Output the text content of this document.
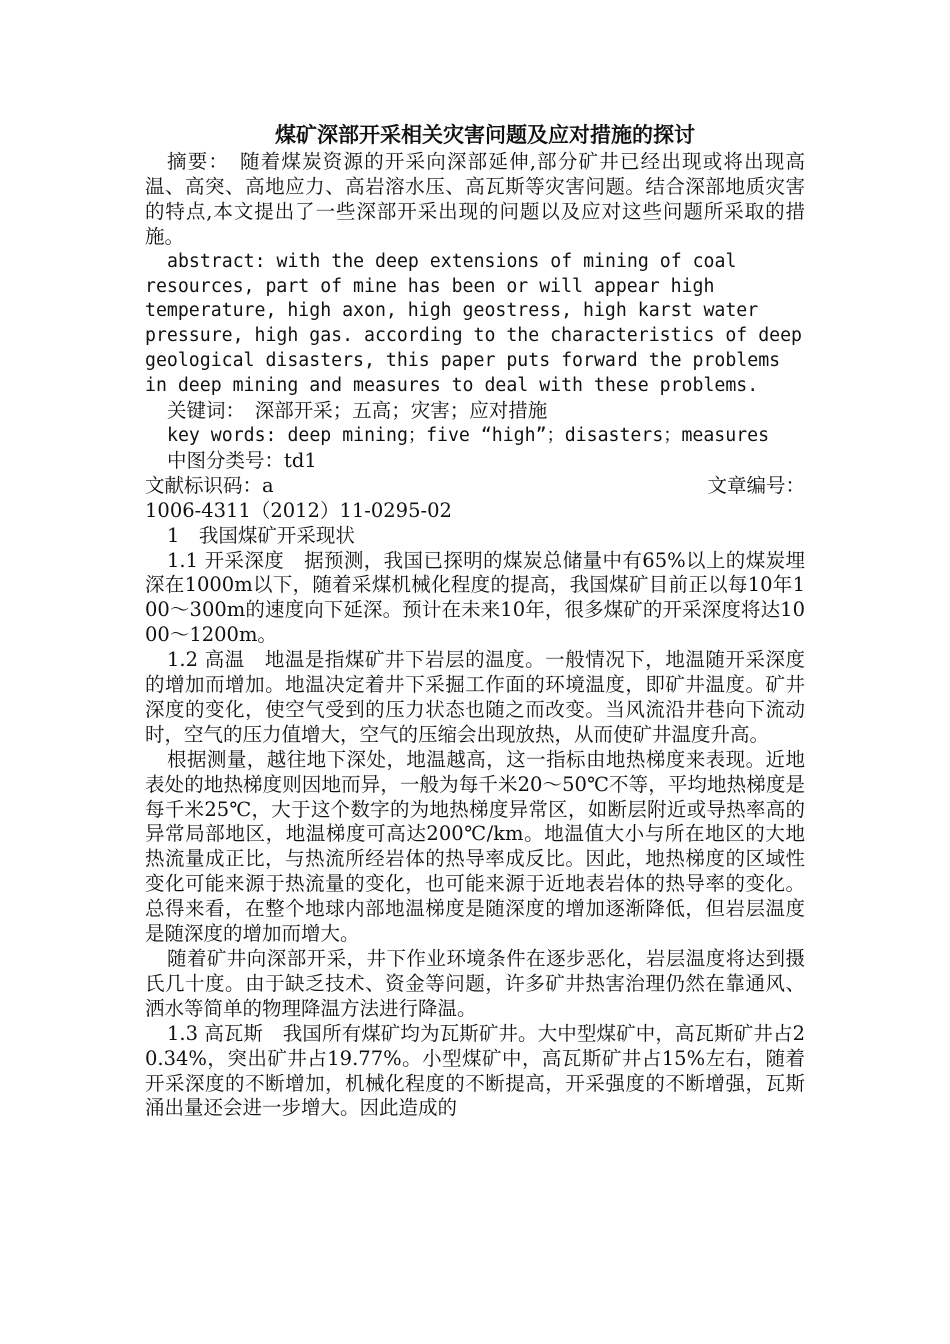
煤矿深部开采相关灾害问题及应对措施的探讨

摘要：　随着煤炭资源的开采向深部延伸,部分矿井已经出现或将出现高温、高突、高地应力、高岩溶水压、高瓦斯等灾害问题。结合深部地质灾害的特点,本文提出了一些深部开采出现的问题以及应对这些问题所采取的措施。

abstract: with the deep extensions of mining of coal resources, part of mine has been or will appear high temperature, high axon, high geostress, high karst water pressure, high gas. according to the characteristics of deep geological disasters, this paper puts forward the problems in deep mining and measures to deal with these problems.

关键词：　深部开采；五高；灾害；应对措施

key words: deep mining；five “high”；disasters；measures

中图分类号：td1

文献标识码：a	文章编号：

1006-4311（2012）11-0295-02

1　我国煤矿开采现状

1.1 开采深度　据预测，我国已探明的煤炭总储量中有65%以上的煤炭埋深在1000m以下，随着采煤机械化程度的提高，我国煤矿目前正以每10年100～300m的速度向下延深。预计在未来10年，很多煤矿的开采深度将达1000～1200m。

1.2 高温　地温是指煤矿井下岩层的温度。一般情况下，地温随开采深度的增加而增加。地温决定着井下采掘工作面的环境温度，即矿井温度。矿井深度的变化，使空气受到的压力状态也随之而改变。当风流沿井巷向下流动时，空气的压力值增大，空气的压缩会出现放热，从而使矿井温度升高。

根据测量，越往地下深处，地温越高，这一指标由地热梯度来表现。近地表处的地热梯度则因地而异，一般为每千米20～50℃不等，平均地热梯度是每千米25℃，大于这个数字的为地热梯度异常区，如断层附近或导热率高的异常局部地区，地温梯度可高达200℃/km。地温值大小与所在地区的大地热流量成正比，与热流所经岩体的热导率成反比。因此，地热梯度的区域性变化可能来源于热流量的变化，也可能来源于近地表岩体的热导率的变化。总得来看，在整个地球内部地温梯度是随深度的增加逐渐降低，但岩层温度是随深度的增加而增大。

随着矿井向深部开采，井下作业环境条件在逐步恶化，岩层温度将达到摄氏几十度。由于缺乏技术、资金等问题，许多矿井热害治理仍然在靠通风、洒水等简单的物理降温方法进行降温。

1.3 高瓦斯　我国所有煤矿均为瓦斯矿井。大中型煤矿中，高瓦斯矿井占20.34%，突出矿井占19.77%。小型煤矿中，高瓦斯矿井占15%左右，随着开采深度的不断增加，机械化程度的不断提高，开采强度的不断增强，瓦斯涌出量还会进一步增大。因此造成的
